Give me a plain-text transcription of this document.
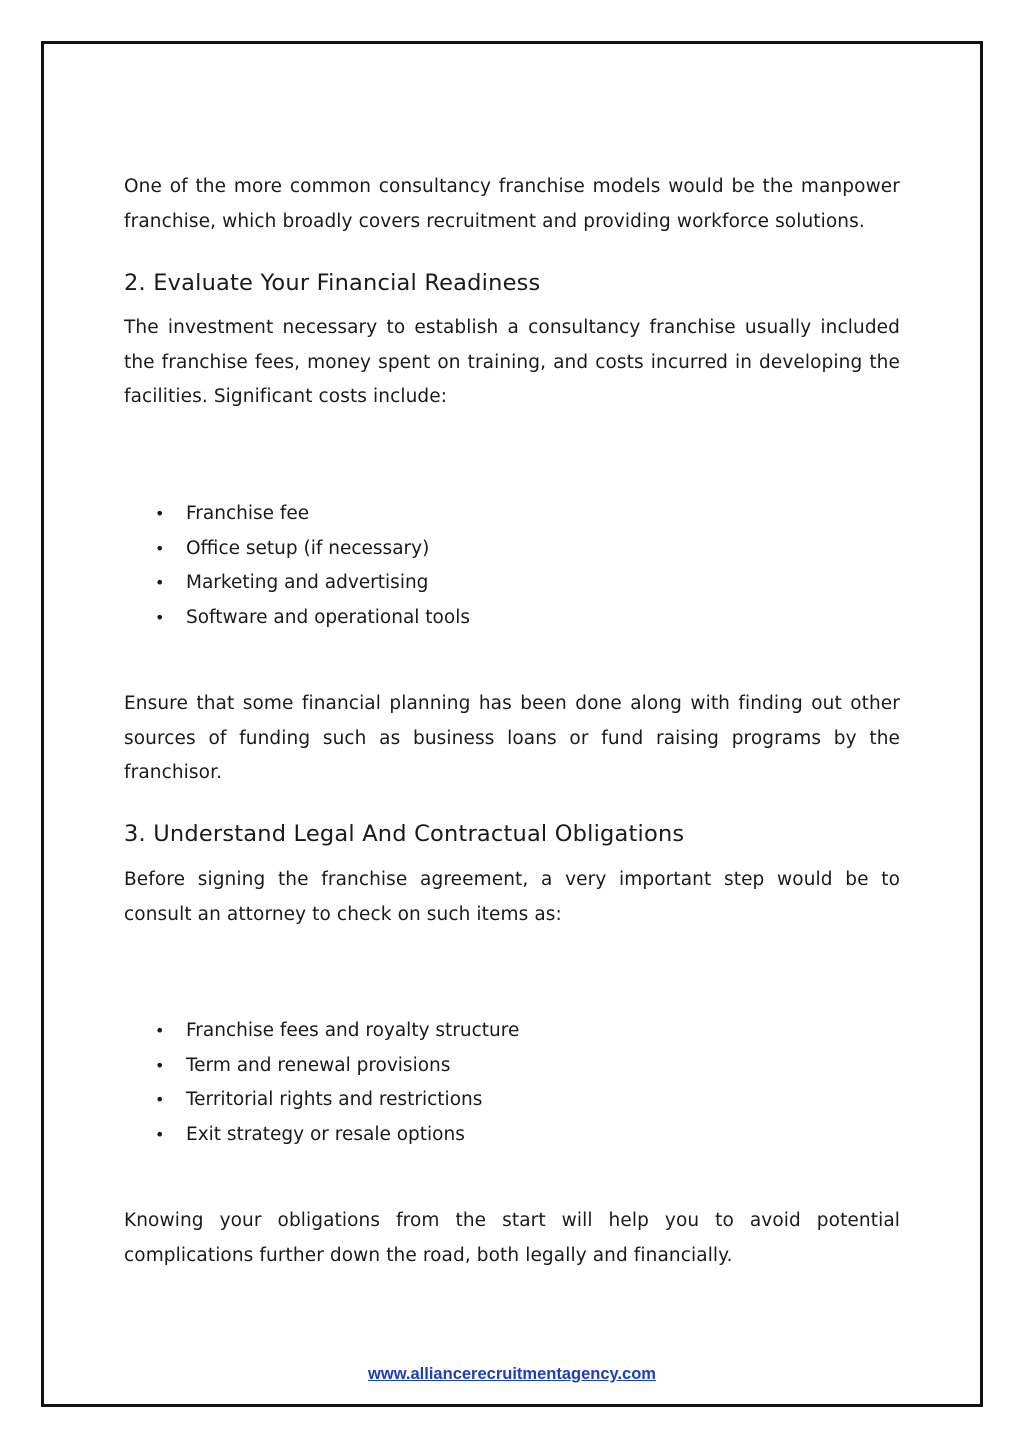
One of the more common consultancy franchise models would be the manpower franchise, which broadly covers recruitment and providing workforce solutions.

2. Evaluate Your Financial Readiness

The investment necessary to establish a consultancy franchise usually included the franchise fees, money spent on training, and costs incurred in developing the facilities. Significant costs include:

• Franchise fee
• Office setup (if necessary)
• Marketing and advertising
• Software and operational tools

Ensure that some financial planning has been done along with finding out other sources of funding such as business loans or fund raising programs by the franchisor.

3. Understand Legal And Contractual Obligations

Before signing the franchise agreement, a very important step would be to consult an attorney to check on such items as:

• Franchise fees and royalty structure
• Term and renewal provisions
• Territorial rights and restrictions
• Exit strategy or resale options

Knowing your obligations from the start will help you to avoid potential complications further down the road, both legally and financially.

www.alliancerecruitmentagency.com
